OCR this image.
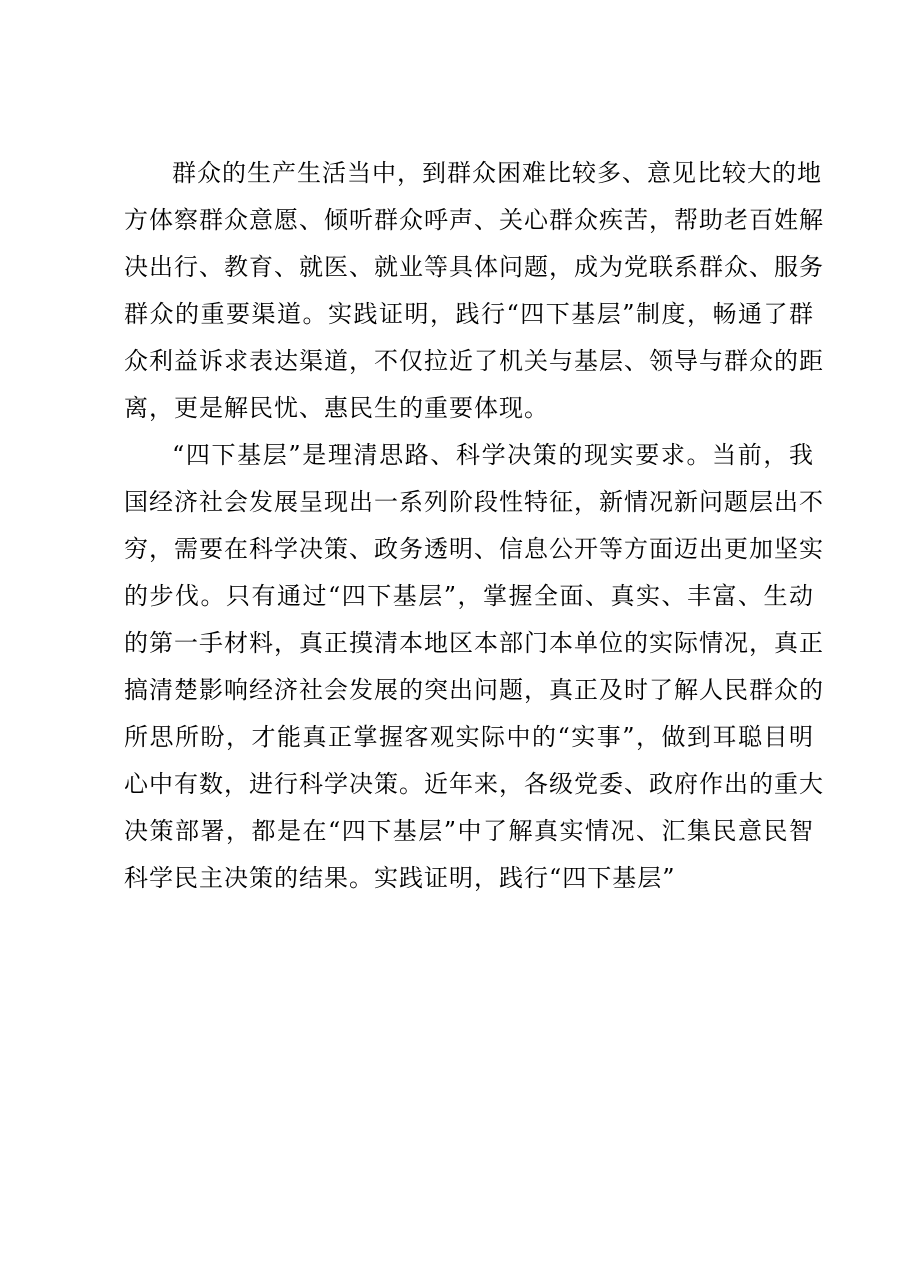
群众的生产生活当中，到群众困难比较多、意见比较大的地
方体察群众意愿、倾听群众呼声、关心群众疾苦，帮助老百姓解
决出行、教育、就医、就业等具体问题，成为党联系群众、服务
群众的重要渠道。实践证明，践行“四下基层”制度，畅通了群
众利益诉求表达渠道，不仅拉近了机关与基层、领导与群众的距
离，更是解民忧、惠民生的重要体现。
“四下基层”是理清思路、科学决策的现实要求。当前，我
国经济社会发展呈现出一系列阶段性特征，新情况新问题层出不
穷，需要在科学决策、政务透明、信息公开等方面迈出更加坚实
的步伐。只有通过“四下基层”，掌握全面、真实、丰富、生动
的第一手材料，真正摸清本地区本部门本单位的实际情况，真正
搞清楚影响经济社会发展的突出问题，真正及时了解人民群众的
所思所盼，才能真正掌握客观实际中的“实事”，做到耳聪目明
心中有数，进行科学决策。近年来，各级党委、政府作出的重大
决策部署，都是在“四下基层”中了解真实情况、汇集民意民智
科学民主决策的结果。实践证明，践行“四下基层”
